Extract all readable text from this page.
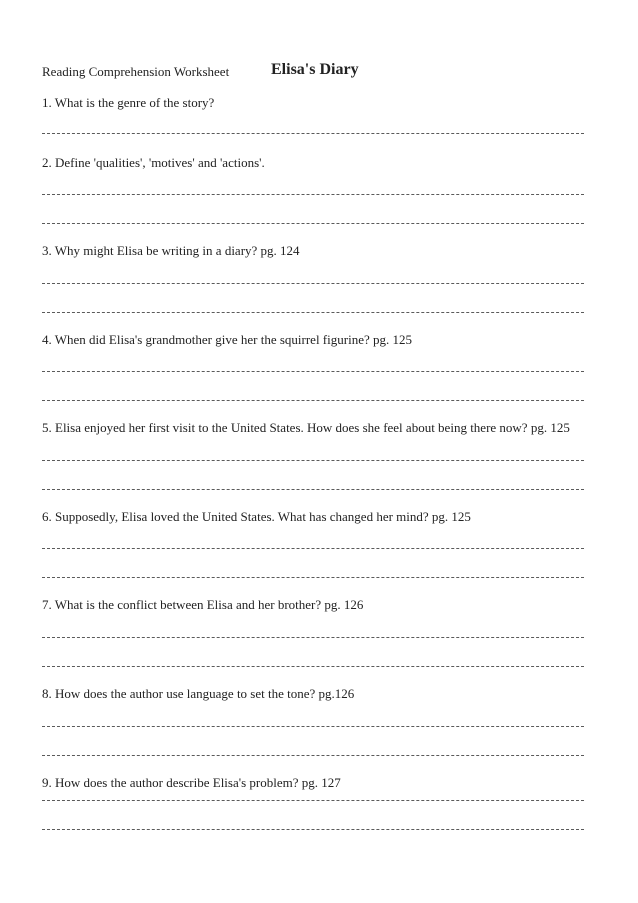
Reading Comprehension Worksheet	Elisa's Diary
1. What is the genre of the story?
2. Define 'qualities', 'motives' and 'actions'.
3. Why might Elisa be writing in a diary? pg. 124
4. When did Elisa's grandmother give her the squirrel figurine? pg. 125
5. Elisa enjoyed her first visit to the United States. How does she feel about being there now? pg. 125
6. Supposedly, Elisa loved the United States. What has changed her mind? pg. 125
7. What is the conflict between Elisa and her brother? pg. 126
8. How does the author use language to set the tone? pg.126
9. How does the author describe Elisa's problem? pg. 127
